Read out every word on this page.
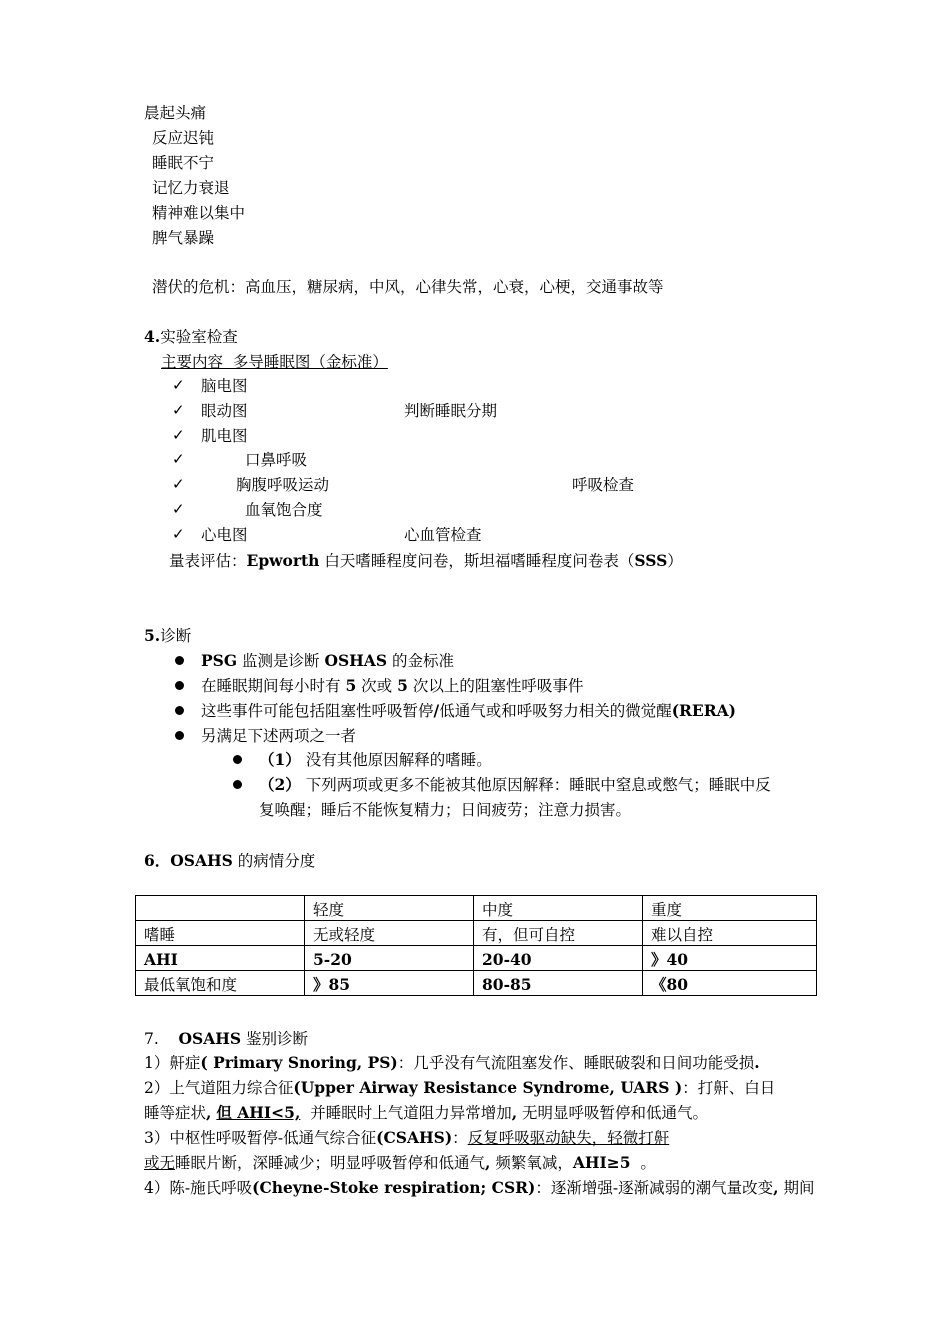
晨起头痛
反应迟钝
睡眠不宁
记忆力衰退
精神难以集中
脾气暴躁
潜伏的危机：高血压，糖尿病，中风，心律失常，心衰，心梗，交通事故等
4.实验室检查
主要内容  多导睡眠图（金标准）
✓ 脑电图
✓ 眼动图	判断睡眠分期
✓ 肌电图
✓	口鼻呼吸
✓	胸腹呼吸运动	呼吸检查
✓	血氧饱合度
✓ 心电图	心血管检查
量表评估：Epworth 白天嗜睡程度问卷，斯坦福嗜睡程度问卷表（SSS）
5.诊断
PSG 监测是诊断 OSHAS 的金标准
在睡眠期间每小时有 5 次或 5 次以上的阻塞性呼吸事件
这些事件可能包括阻塞性呼吸暂停/低通气或和呼吸努力相关的微觉醒(RERA)
另满足下述两项之一者
（1） 没有其他原因解释的嗜睡。
（2） 下列两项或更多不能被其他原因解释：睡眠中窒息或憋气；睡眠中反
复唤醒；睡后不能恢复精力；日间疲劳；注意力损害。
6．OSAHS 的病情分度
	轻度	中度	重度
嗜睡	无或轻度	有，但可自控	难以自控
AHI	5-20	20-40	》40
最低氧饱和度	》85	80-85	《80
7. OSAHS 鉴别诊断
1）鼾症( Primary Snoring, PS)：几乎没有气流阻塞发作、睡眠破裂和日间功能受损.
2）上气道阻力综合征(Upper Airway Resistance Syndrome, UARS )：打鼾、白日
睡等症状, 但 AHI<5,  并睡眠时上气道阻力异常增加, 无明显呼吸暂停和低通气。
3）中枢性呼吸暂停-低通气综合征(CSAHS)：反复呼吸驱动缺失，轻微打鼾
或无睡眠片断，深睡减少；明显呼吸暂停和低通气, 频繁氧减，AHI≥5  。
4）陈-施氏呼吸(Cheyne-Stoke respiration; CSR)：逐渐增强-逐渐减弱的潮气量改变, 期间
